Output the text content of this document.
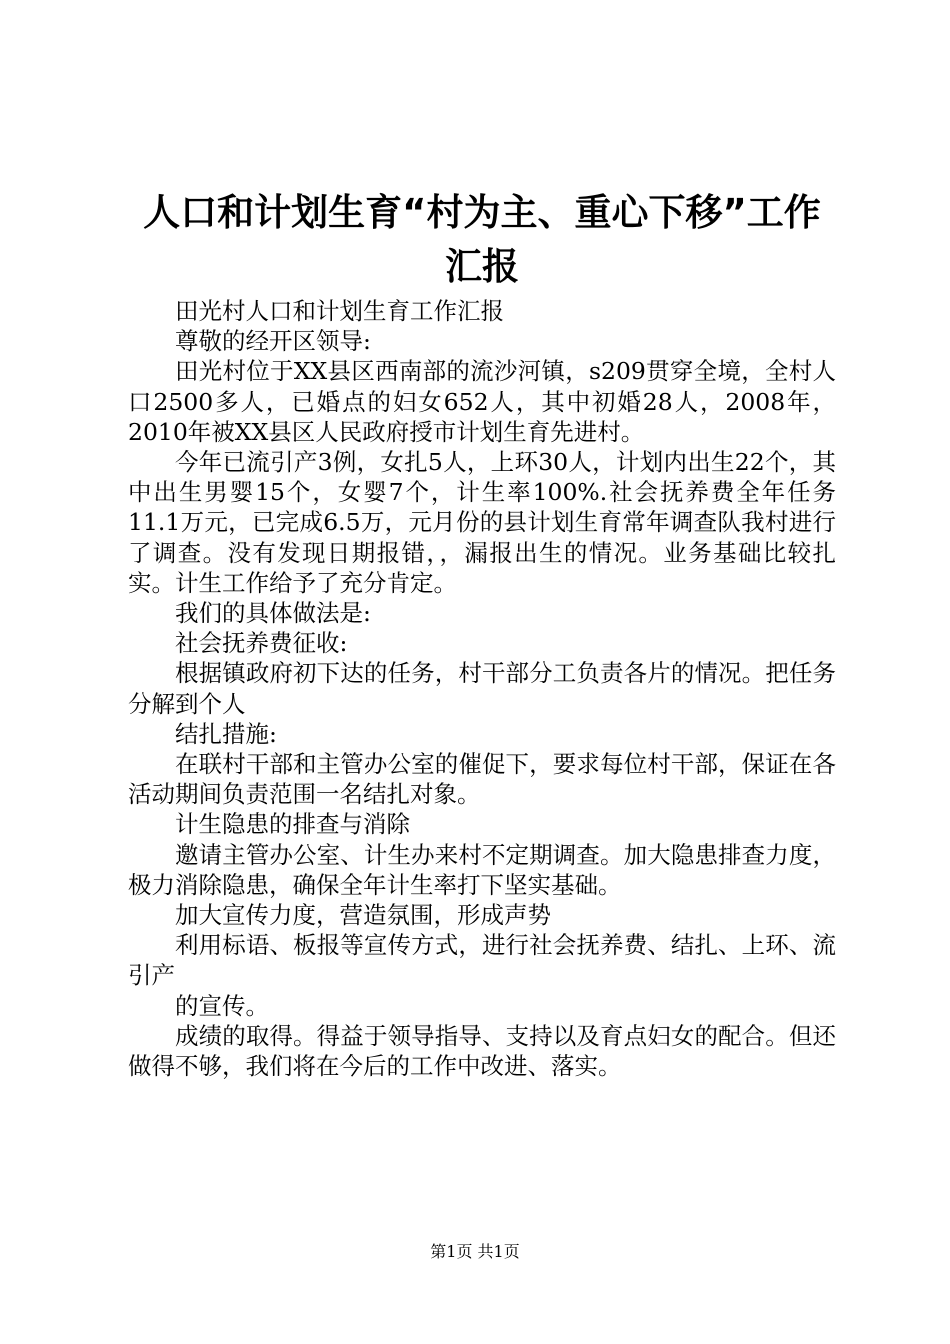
人口和计划生育“村为主、重心下移”工作汇报

田光村人口和计划生育工作汇报

尊敬的经开区领导:

田光村位于XX县区西南部的流沙河镇，s209贯穿全境，全村人口2500多人，已婚点的妇女652人，其中初婚28人，2008年，2010年被XX县区人民政府授市计划生育先进村。

今年已流引产3例，女扎5人，上环30人，计划内出生22个，其中出生男婴15个，女婴7个，计生率100%.社会抚养费全年任务11.1万元，已完成6.5万，元月份的县计划生育常年调查队我村进行了调查。没有发现日期报错，，漏报出生的情况。业务基础比较扎实。计生工作给予了充分肯定。

我们的具体做法是:

社会抚养费征收:

根据镇政府初下达的任务，村干部分工负责各片的情况。把任务分解到个人

结扎措施:

在联村干部和主管办公室的催促下，要求每位村干部，保证在各活动期间负责范围一名结扎对象。

计生隐患的排查与消除

邀请主管办公室、计生办来村不定期调查。加大隐患排查力度，极力消除隐患，确保全年计生率打下坚实基础。

加大宣传力度，营造氛围，形成声势

利用标语、板报等宣传方式，进行社会抚养费、结扎、上环、流引产

的宣传。

成绩的取得。得益于领导指导、支持以及育点妇女的配合。但还做得不够，我们将在今后的工作中改进、落实。

第1页 共1页
